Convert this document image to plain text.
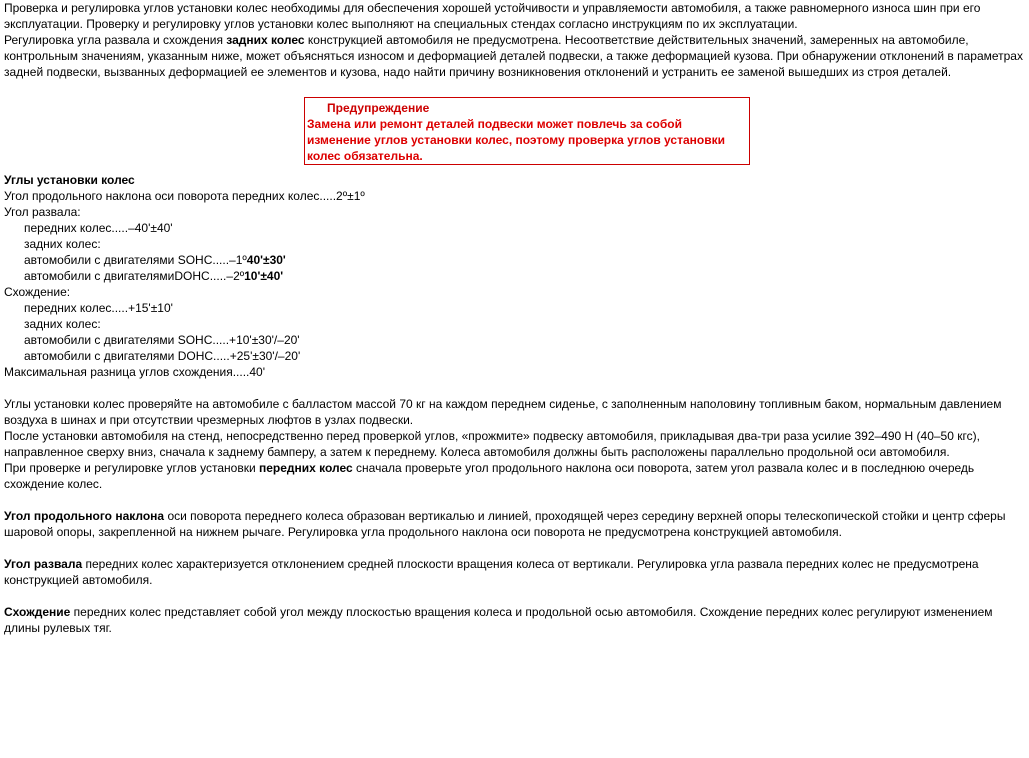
Проверка и регулировка углов установки колес необходимы для обеспечения хорошей устойчивости и управляемости автомобиля, а также равномерного износа шин при его эксплуатации. Проверку и регулировку углов установки колес выполняют на специальных стендах согласно инструкциям по их эксплуатации.

Регулировка угла развала и схождения задних колес конструкцией автомобиля не предусмотрена. Несоответствие действительных значений, замеренных на автомобиле, контрольным значениям, указанным ниже, может объясняться износом и деформацией деталей подвески, а также деформацией кузова. При обнаружении отклонений в параметрах задней подвески, вызванных деформацией ее элементов и кузова, надо найти причину возникновения отклонений и устранить ее заменой вышедших из строя деталей.

Предупреждение
Замена или ремонт деталей подвески может повлечь за собой изменение углов установки колес, поэтому проверка углов установки колес обязательна.

Углы установки колес

Угол продольного наклона оси поворота передних колес.....2º±1º

Угол развала:

передних колес.....–40'±40'

задних колес:

автомобили с двигателями SOHC.....–1º40'±30'

автомобили с двигателямиDOHC.....–2º10'±40'

Схождение:

передних колес.....+15'±10'

задних колес:

автомобили с двигателями SOHC.....+10'±30'/–20'

автомобили с двигателями DOHC.....+25'±30'/–20'

Максимальная разница углов схождения.....40'

Углы установки колес проверяйте на автомобиле с балластом массой 70 кг на каждом переднем сиденье, с заполненным наполовину топливным баком, нормальным давлением воздуха в шинах и при отсутствии чрезмерных люфтов в узлах подвески.

После установки автомобиля на стенд, непосредственно перед проверкой углов, «прожмите» подвеску автомобиля, прикладывая два-три раза усилие 392–490 Н (40–50 кгс), направленное сверху вниз, сначала к заднему бамперу, а затем к переднему. Колеса автомобиля должны быть расположены параллельно продольной оси автомобиля.

При проверке и регулировке углов установки передних колес сначала проверьте угол продольного наклона оси поворота, затем угол развала колес и в последнюю очередь схождение колес.

Угол продольного наклона оси поворота переднего колеса образован вертикалью и линией, проходящей через середину верхней опоры телескопической стойки и центр сферы шаровой опоры, закрепленной на нижнем рычаге. Регулировка угла продольного наклона оси поворота не предусмотрена конструкцией автомобиля.

Угол развала передних колес характеризуется отклонением средней плоскости вращения колеса от вертикали. Регулировка угла развала передних колес не предусмотрена конструкцией автомобиля.

Схождение передних колес представляет собой угол между плоскостью вращения колеса и продольной осью автомобиля. Схождение передних колес регулируют изменением длины рулевых тяг.
